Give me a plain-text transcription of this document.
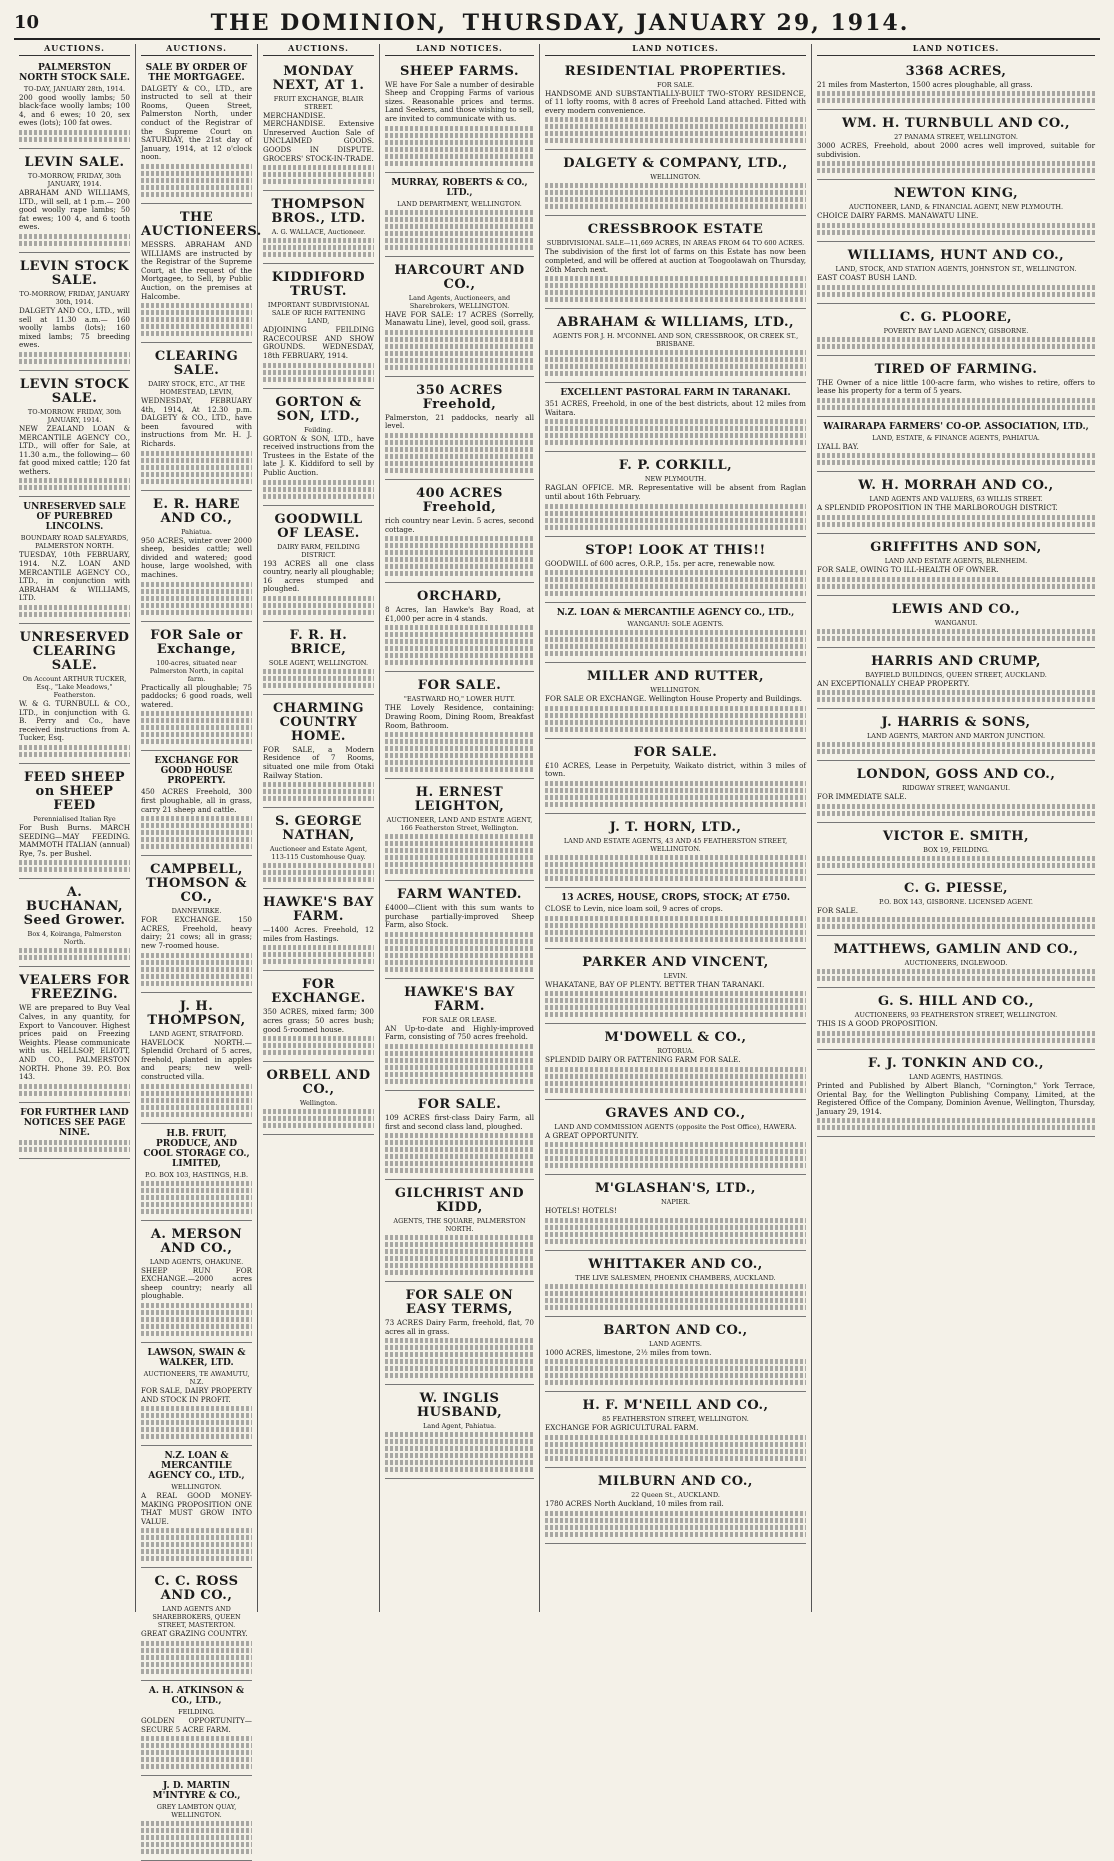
10	THE DOMINION, THURSDAY, JANUARY 29, 1914.
AUCTIONS.
PALMERSTON NORTH STOCK SALE.
TO-DAY, JANUARY 28th, 1914.

200 good woolly lambs; 50 black-face woolly lambs; 100 4, and 6 ewes; 10 20, sex ewes (lots); 100 fat owes.

LEVIN SALE.
TO-MORROW, FRIDAY, 30th JANUARY, 1914.

ABRAHAM AND WILLIAMS, LTD., will sell, at 1 p.m.— 200 good woolly rape lambs; 50 fat ewes; 100 4, and 6 tooth ewes.

LEVIN STOCK SALE.
TO-MORROW, FRIDAY, JANUARY 30th, 1914.

DALGETY AND CO., LTD., will sell at 11.30 a.m.— 160 woolly lambs (lots); 160 mixed lambs; 75 breeding ewes.

LEVIN STOCK SALE.
TO-MORROW. FRIDAY, 30th JANUARY, 1914.

NEW ZEALAND LOAN & MERCANTILE AGENCY CO., LTD., will offer for Sale, at 11.30 a.m., the following— 60 fat good mixed cattle; 120 fat wethers.

UNRESERVED SALE OF PUREBRED LINCOLNS.
BOUNDARY ROAD SALEYARDS, PALMERSTON NORTH.

TUESDAY, 10th FEBRUARY, 1914. N.Z. LOAN AND MERCANTILE AGENCY CO., LTD., in conjunction with ABRAHAM & WILLIAMS, LTD.

UNRESERVED CLEARING SALE.
On Account ARTHUR TUCKER, Esq., "Lake Meadows," Featherston.

W. & G. TURNBULL & CO., LTD., in conjunction with G. B. Perry and Co., have received instructions from A. Tucker, Esq.

FEED SHEEP on SHEEP FEED
Perennialised Italian Rye

For Bush Burns. MARCH SEEDING—MAY FEEDING. MAMMOTH ITALIAN (annual) Rye, 7s. per Bushel.

A. BUCHANAN, Seed Grower.
Box 4, Koiranga, Palmerston North.
VEALERS FOR FREEZING.

WE are prepared to Buy Veal Calves, in any quantity, for Export to Vancouver. Highest prices paid on Freezing Weights. Please communicate with us. HELLSOP, ELIOTT, AND CO., PALMERSTON NORTH. Phone 39. P.O. Box 143.

FOR FURTHER LAND NOTICES SEE PAGE NINE.
AUCTIONS.
SALE BY ORDER OF THE MORTGAGEE.

DALGETY & CO., LTD., are instructed to sell at their Rooms, Queen Street, Palmerston North, under conduct of the Registrar of the Supreme Court on SATURDAY, the 21st day of January, 1914, at 12 o'clock noon.

THE AUCTIONEERS.

MESSRS. ABRAHAM AND WILLIAMS are instructed by the Registrar of the Supreme Court, at the request of the Mortgagee, to Sell, by Public Auction, on the premises at Halcombe.

CLEARING SALE.
DAIRY STOCK, ETC., AT THE HOMESTEAD, LEVIN,

WEDNESDAY, FEBRUARY 4th, 1914, At 12.30 p.m. DALGETY & CO., LTD., have been favoured with instructions from Mr. H. J. Richards.

E. R. HARE AND CO.,
Pahiatua.

950 ACRES, winter over 2000 sheep, besides cattle; well divided and watered; good house, large woolshed, with machines.

FOR Sale or Exchange,
100-acres, situated near Palmerston North, in capital farm.

Practically all ploughable; 75 paddocks; 6 good roads, well watered.

EXCHANGE FOR GOOD HOUSE PROPERTY.

450 ACRES Freehold, 300 first ploughable, all in grass, carry 21 sheep and cattle.

CAMPBELL, THOMSON & CO.,
DANNEVIRKE.

FOR EXCHANGE. 150 ACRES, Freehold, heavy dairy; 21 cows; all in grass; new 7-roomed house.

J. H. THOMPSON,
LAND AGENT, STRATFORD.

HAVELOCK NORTH.—Splendid Orchard of 5 acres, freehold, planted in apples and pears; new well-constructed villa.

H.B. FRUIT, PRODUCE, AND COOL STORAGE CO., LIMITED,
P.O. BOX 103, HASTINGS, H.B.
A. MERSON AND CO.,
LAND AGENTS, OHAKUNE.

SHEEP RUN FOR EXCHANGE.—2000 acres sheep country; nearly all ploughable.

LAWSON, SWAIN & WALKER, LTD.
AUCTIONEERS, TE AWAMUTU, N.Z.

FOR SALE, DAIRY PROPERTY AND STOCK IN PROFIT.

N.Z. LOAN & MERCANTILE AGENCY CO., LTD.,
WELLINGTON.

A REAL GOOD MONEY-MAKING PROPOSITION ONE THAT MUST GROW INTO VALUE.

C. C. ROSS AND CO.,
LAND AGENTS AND SHAREBROKERS, QUEEN STREET, MASTERTON.

GREAT GRAZING COUNTRY.

A. H. ATKINSON & CO., LTD.,
FEILDING.

GOLDEN OPPORTUNITY—SECURE 5 ACRE FARM.

J. D. MARTIN M'INTYRE & CO.,
GREY LAMBTON QUAY, WELLINGTON.
AUCTIONS.
MONDAY NEXT, AT 1.
FRUIT EXCHANGE, BLAIR STREET.

MERCHANDISE. MERCHANDISE. Extensive Unreserved Auction Sale of UNCLAIMED GOODS. GOODS IN DISPUTE. GROCERS' STOCK-IN-TRADE.

THOMPSON BROS., LTD.
A. G. WALLACE, Auctioneer.
KIDDIFORD TRUST.
IMPORTANT SUBDIVISIONAL SALE OF RICH FATTENING LAND,

ADJOINING FEILDING RACECOURSE AND SHOW GROUNDS. WEDNESDAY, 18th FEBRUARY, 1914.

GORTON & SON, LTD.,
Feilding.

GORTON & SON, LTD., have received instructions from the Trustees in the Estate of the late J. K. Kiddiford to sell by Public Auction.

GOODWILL OF LEASE.
DAIRY FARM, FEILDING DISTRICT.

193 ACRES all one class country, nearly all ploughable; 16 acres stumped and ploughed.

F. R. H. BRICE,
SOLE AGENT, WELLINGTON.
CHARMING COUNTRY HOME.

FOR SALE, a Modern Residence of 7 Rooms, situated one mile from Otaki Railway Station.

S. GEORGE NATHAN,
Auctioneer and Estate Agent, 113-115 Customhouse Quay.
HAWKE'S BAY FARM.

—1400 Acres. Freehold, 12 miles from Hastings.

FOR EXCHANGE.

350 ACRES, mixed farm; 300 acres grass; 50 acres bush; good 5-roomed house.

ORBELL AND CO.,
Wellington.
LAND NOTICES.
SHEEP FARMS.

WE have For Sale a number of desirable Sheep and Cropping Farms of various sizes. Reasonable prices and terms. Land Seekers, and those wishing to sell, are invited to communicate with us.

MURRAY, ROBERTS & CO., LTD.,
LAND DEPARTMENT, WELLINGTON.
HARCOURT AND CO.,
Land Agents, Auctioneers, and Sharebrokers, WELLINGTON.

HAVE FOR SALE: 17 ACRES (Sorrelly, Manawatu Line), level, good soil, grass.

350 ACRES Freehold,

Palmerston, 21 paddocks, nearly all level.

400 ACRES Freehold,

rich country near Levin. 5 acres, second cottage.

ORCHARD,

8 Acres, Ian Hawke's Bay Road, at £1,000 per acre in 4 stands.

FOR SALE.
"EASTWARD HO," LOWER HUTT.

THE Lovely Residence, containing: Drawing Room, Dining Room, Breakfast Room, Bathroom.

H. ERNEST LEIGHTON,
AUCTIONEER, LAND AND ESTATE AGENT, 166 Featherston Street, Wellington.
FARM WANTED.

£4000—Client with this sum wants to purchase partially-improved Sheep Farm, also Stock.

HAWKE'S BAY FARM.
FOR SALE OR LEASE.

AN Up-to-date and Highly-improved Farm, consisting of 750 acres freehold.

FOR SALE.

109 ACRES first-class Dairy Farm, all first and second class land, ploughed.

GILCHRIST AND KIDD,
AGENTS, THE SQUARE, PALMERSTON NORTH.
FOR SALE ON EASY TERMS,

73 ACRES Dairy Farm, freehold, flat, 70 acres all in grass.

W. INGLIS HUSBAND,
Land Agent, Pahiatua.
LAND NOTICES.
RESIDENTIAL PROPERTIES.
FOR SALE.

HANDSOME AND SUBSTANTIALLY-BUILT TWO-STORY RESIDENCE, of 11 lofty rooms, with 8 acres of Freehold Land attached. Fitted with every modern convenience.

DALGETY & COMPANY, LTD.,
WELLINGTON.
CRESSBROOK ESTATE
SUBDIVISIONAL SALE—11,669 ACRES, IN AREAS FROM 64 TO 600 ACRES.

The subdivision of the first lot of farms on this Estate has now been completed, and will be offered at auction at Toogoolawah on Thursday, 26th March next.

ABRAHAM & WILLIAMS, LTD.,
AGENTS FOR J. H. M'CONNEL AND SON, CRESSBROOK, OR CREEK ST., BRISBANE.
EXCELLENT PASTORAL FARM IN TARANAKI.

351 ACRES, Freehold, in one of the best districts, about 12 miles from Waitara.

F. P. CORKILL,
NEW PLYMOUTH.

RAGLAN OFFICE. MR. Representative will be absent from Raglan until about 16th February.

STOP! LOOK AT THIS!!

GOODWILL of 600 acres, O.R.P., 15s. per acre, renewable now.

N.Z. LOAN & MERCANTILE AGENCY CO., LTD.,
WANGANUI: SOLE AGENTS.
MILLER AND RUTTER,
WELLINGTON.

FOR SALE OR EXCHANGE. Wellington House Property and Buildings.

FOR SALE.

£10 ACRES, Lease in Perpetuity, Waikato district, within 3 miles of town.

J. T. HORN, LTD.,
LAND AND ESTATE AGENTS, 43 AND 45 FEATHERSTON STREET, WELLINGTON.
13 ACRES, HOUSE, CROPS, STOCK; AT £750.

CLOSE to Levin, nice loam soil, 9 acres of crops.

PARKER AND VINCENT,
LEVIN.

WHAKATANE, BAY OF PLENTY. BETTER THAN TARANAKI.

M'DOWELL & CO.,
ROTORUA.

SPLENDID DAIRY OR FATTENING FARM FOR SALE.

GRAVES AND CO.,
LAND AND COMMISSION AGENTS (opposite the Post Office), HAWERA.

A GREAT OPPORTUNITY.

M'GLASHAN'S, LTD.,
NAPIER.

HOTELS! HOTELS!

WHITTAKER AND CO.,
THE LIVE SALESMEN, PHOENIX CHAMBERS, AUCKLAND.
BARTON AND CO.,
LAND AGENTS.

1000 ACRES, limestone, 2½ miles from town.

H. F. M'NEILL AND CO.,
85 FEATHERSTON STREET, WELLINGTON.

EXCHANGE FOR AGRICULTURAL FARM.

MILBURN AND CO.,
22 Queen St., AUCKLAND.

1780 ACRES North Auckland, 10 miles from rail.

LAND NOTICES.
3368 ACRES,

21 miles from Masterton, 1500 acres ploughable, all grass.

WM. H. TURNBULL AND CO.,
27 PANAMA STREET, WELLINGTON.

3000 ACRES, Freehold, about 2000 acres well improved, suitable for subdivision.

NEWTON KING,
AUCTIONEER, LAND, & FINANCIAL AGENT, NEW PLYMOUTH.

CHOICE DAIRY FARMS. MANAWATU LINE.

WILLIAMS, HUNT AND CO.,
LAND, STOCK, AND STATION AGENTS, JOHNSTON ST., WELLINGTON.

EAST COAST BUSH LAND.

C. G. PLOORE,
POVERTY BAY LAND AGENCY, GISBORNE.
TIRED OF FARMING.

THE Owner of a nice little 100-acre farm, who wishes to retire, offers to lease his property for a term of 5 years.

WAIRARAPA FARMERS' CO-OP. ASSOCIATION, LTD.,
LAND, ESTATE, & FINANCE AGENTS, PAHIATUA.

LYALL BAY.

W. H. MORRAH AND CO.,
LAND AGENTS AND VALUERS, 63 WILLIS STREET.

A SPLENDID PROPOSITION IN THE MARLBOROUGH DISTRICT.

GRIFFITHS AND SON,
LAND AND ESTATE AGENTS, BLENHEIM.

FOR SALE, OWING TO ILL-HEALTH OF OWNER.

LEWIS AND CO.,
WANGANUI.
HARRIS AND CRUMP,
BAYFIELD BUILDINGS, QUEEN STREET, AUCKLAND.

AN EXCEPTIONALLY CHEAP PROPERTY.

J. HARRIS & SONS,
LAND AGENTS, MARTON AND MARTON JUNCTION.
LONDON, GOSS AND CO.,
RIDGWAY STREET, WANGANUI.

FOR IMMEDIATE SALE.

VICTOR E. SMITH,
BOX 19, FEILDING.
C. G. PIESSE,
P.O. BOX 143, GISBORNE. LICENSED AGENT.

FOR SALE.

MATTHEWS, GAMLIN AND CO.,
AUCTIONEERS, INGLEWOOD.
G. S. HILL AND CO.,
AUCTIONEERS, 93 FEATHERSTON STREET, WELLINGTON.

THIS IS A GOOD PROPOSITION.

F. J. TONKIN AND CO.,
LAND AGENTS, HASTINGS.

Printed and Published by Albert Blanch, "Cornington," York Terrace, Oriental Bay, for the Wellington Publishing Company, Limited, at the Registered Office of the Company, Dominion Avenue, Wellington, Thursday, January 29, 1914.
